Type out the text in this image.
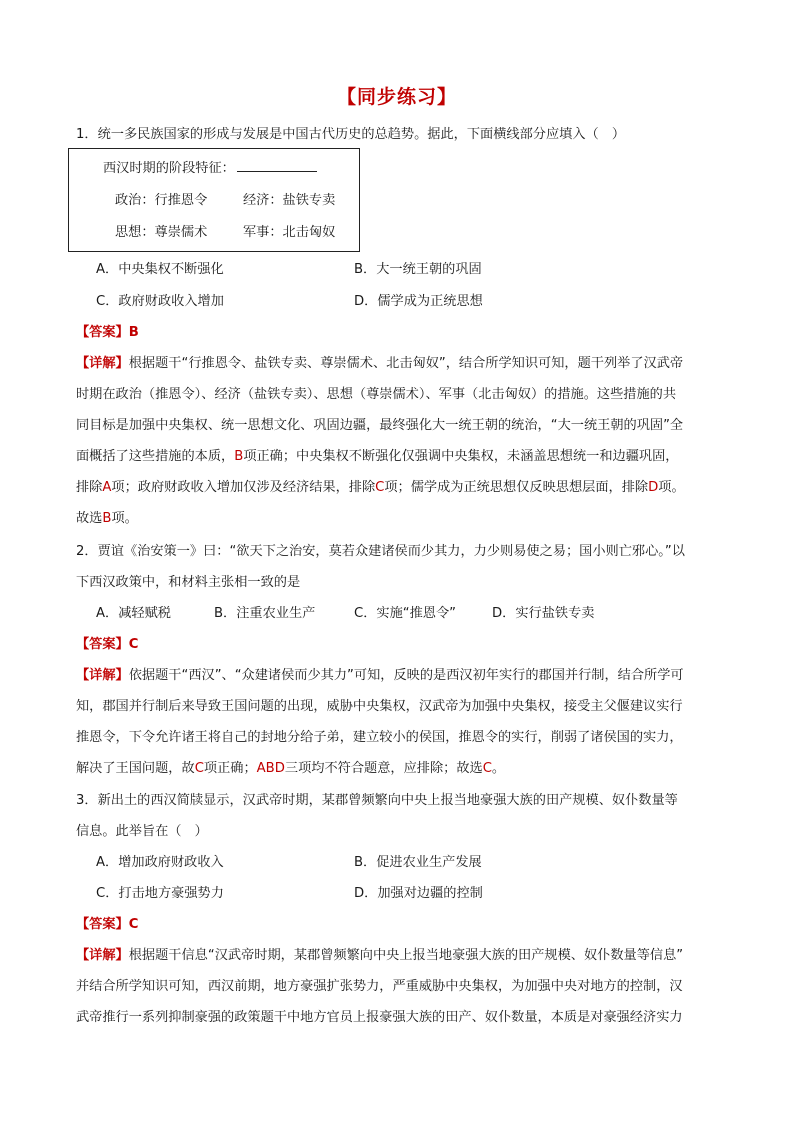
【同步练习】
1．统一多民族国家的形成与发展是中国古代历史的总趋势。据此，下面横线部分应填入（　）
西汉时期的阶段特征：
政治：行推恩令	经济：盐铁专卖
思想：尊崇儒术	军事：北击匈奴
A．中央集权不断强化	B．大一统王朝的巩固
C．政府财政收入增加	D．儒学成为正统思想
【答案】B
【详解】根据题干“行推恩令、盐铁专卖、尊崇儒术、北击匈奴”，结合所学知识可知，题干列举了汉武帝
时期在政治（推恩令）、经济（盐铁专卖）、思想（尊崇儒术）、军事（北击匈奴）的措施。这些措施的共
同目标是加强中央集权、统一思想文化、巩固边疆，最终强化大一统王朝的统治，“大一统王朝的巩固”全
面概括了这些措施的本质，B项正确；中央集权不断强化仅强调中央集权，未涵盖思想统一和边疆巩固，
排除A项；政府财政收入增加仅涉及经济结果，排除C项；儒学成为正统思想仅反映思想层面，排除D项。
故选B项。
2．贾谊《治安策一》曰：“欲天下之治安，莫若众建诸侯而少其力，力少则易使之易；国小则亡邪心。”以
下西汉政策中，和材料主张相一致的是
A．减轻赋税	B．注重农业生产	C．实施“推恩令”	D．实行盐铁专卖
【答案】C
【详解】依据题干“西汉”、“众建诸侯而少其力”可知，反映的是西汉初年实行的郡国并行制，结合所学可
知，郡国并行制后来导致王国问题的出现，威胁中央集权，汉武帝为加强中央集权，接受主父偃建议实行
推恩令，下令允许诸王将自己的封地分给子弟，建立较小的侯国，推恩令的实行，削弱了诸侯国的实力，
解决了王国问题，故C项正确；ABD三项均不符合题意，应排除；故选C。
3．新出土的西汉简牍显示，汉武帝时期，某郡曾频繁向中央上报当地豪强大族的田产规模、奴仆数量等
信息。此举旨在（　）
A．增加政府财政收入	B．促进农业生产发展
C．打击地方豪强势力	D．加强对边疆的控制
【答案】C
【详解】根据题干信息“汉武帝时期，某郡曾频繁向中央上报当地豪强大族的田产规模、奴仆数量等信息”
并结合所学知识可知，西汉前期，地方豪强扩张势力，严重威胁中央集权，为加强中央对地方的控制，汉
武帝推行一系列抑制豪强的政策题干中地方官员上报豪强大族的田产、奴仆数量，本质是对豪强经济实力
